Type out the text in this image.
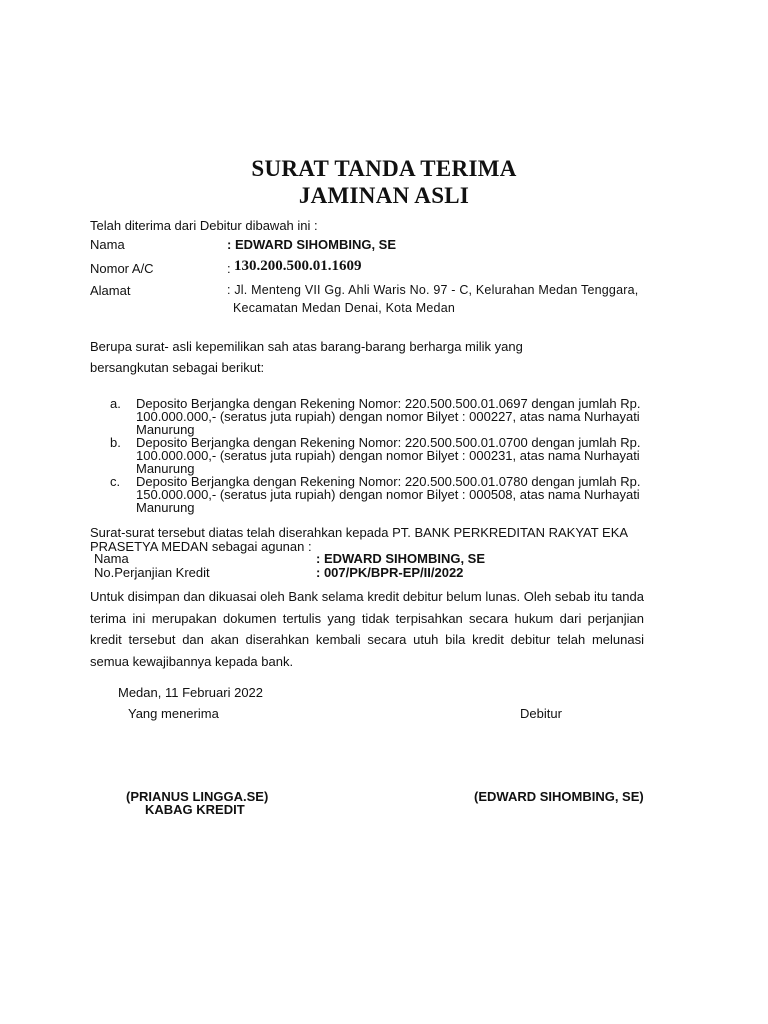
SURAT TANDA TERIMA
JAMINAN ASLI
Telah diterima dari Debitur dibawah ini :
Nama	: EDWARD SIHOMBING, SE
Nomor A/C	: 130.200.500.01.1609
Alamat	: Jl. Menteng VII Gg. Ahli Waris No. 97 - C, Kelurahan Medan Tenggara,
Kecamatan Medan Denai, Kota Medan
Berupa surat- asli kepemilikan sah atas barang-barang berharga milik yang
bersangkutan sebagai berikut:
a. Deposito Berjangka dengan Rekening Nomor: 220.500.500.01.0697 dengan jumlah Rp. 100.000.000,- (seratus juta rupiah) dengan nomor Bilyet : 000227, atas nama Nurhayati Manurung
b. Deposito Berjangka dengan Rekening Nomor: 220.500.500.01.0700 dengan jumlah Rp. 100.000.000,- (seratus juta rupiah) dengan nomor Bilyet : 000231, atas nama Nurhayati Manurung
c. Deposito Berjangka dengan Rekening Nomor: 220.500.500.01.0780 dengan jumlah Rp. 150.000.000,- (seratus juta rupiah) dengan nomor Bilyet : 000508, atas nama Nurhayati Manurung
Surat-surat tersebut diatas telah diserahkan kepada PT. BANK PERKREDITAN RAKYAT EKA
PRASETYA MEDAN sebagai agunan :
Nama	: EDWARD SIHOMBING, SE
No.Perjanjian Kredit	: 007/PK/BPR-EP/II/2022
Untuk disimpan dan dikuasai oleh Bank selama kredit debitur belum lunas. Oleh sebab itu tanda terima ini merupakan dokumen tertulis yang tidak terpisahkan secara hukum dari perjanjian kredit tersebut dan akan diserahkan kembali secara utuh bila kredit debitur telah melunasi semua kewajibannya kepada bank.
Medan, 11 Februari 2022
Yang menerima	Debitur
(PRIANUS LINGGA.SE)
KABAG KREDIT
(EDWARD SIHOMBING, SE)
